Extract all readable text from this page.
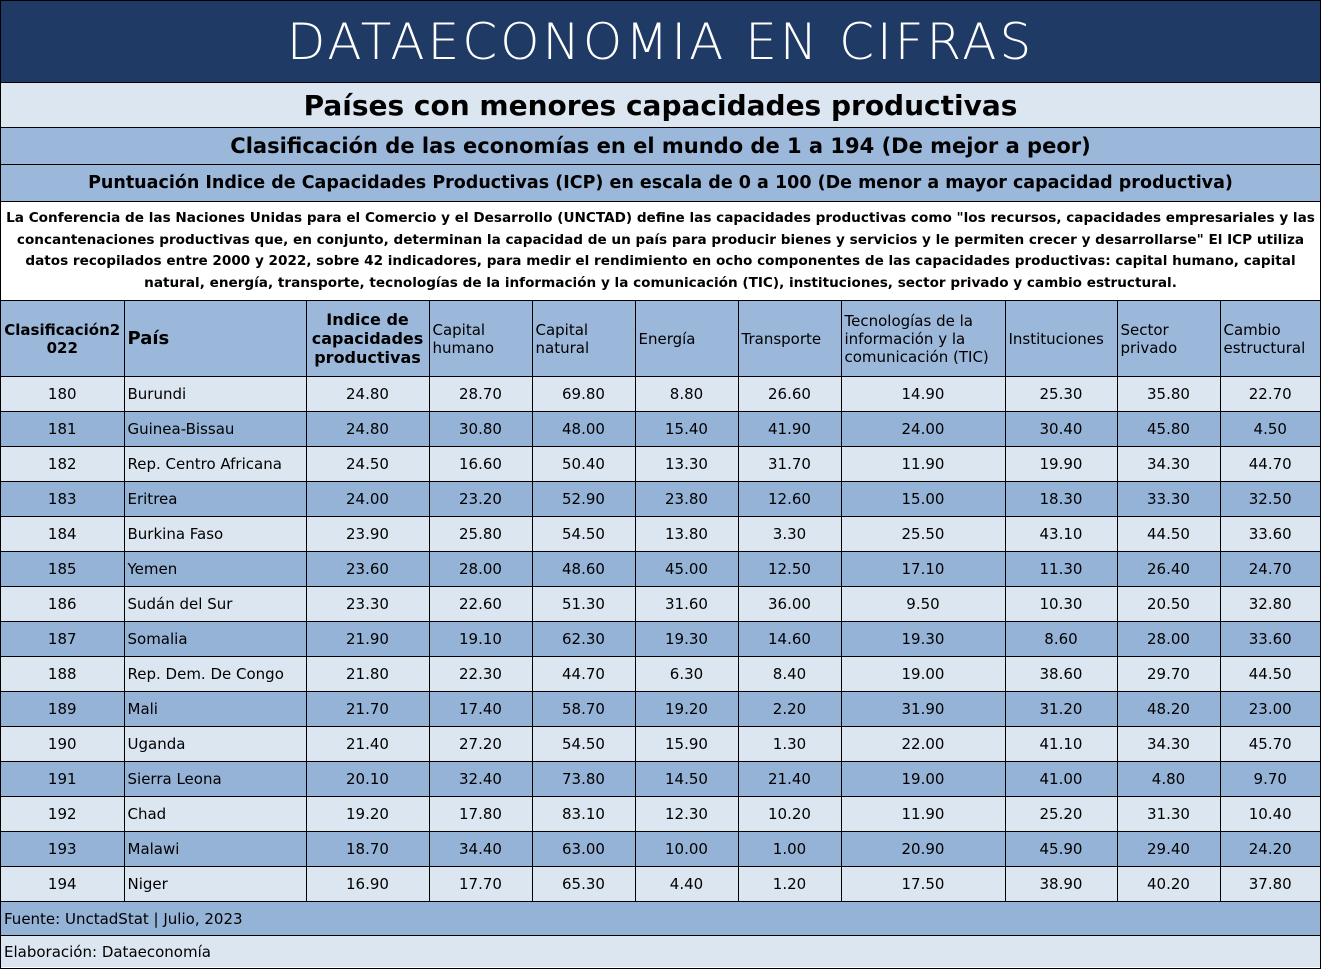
DATAECONOMIA EN CIFRAS
Países con menores capacidades productivas
Clasificación de las economías en el mundo de 1 a 194 (De mejor a peor)
Puntuación Indice de Capacidades Productivas (ICP) en escala de 0 a 100 (De menor a mayor capacidad productiva)
La Conferencia de las Naciones Unidas para el Comercio y el Desarrollo (UNCTAD) define las capacidades productivas como "los recursos, capacidades empresariales y las concantenaciones productivas que, en conjunto, determinan la capacidad de un país para producir bienes y servicios y le permiten crecer y desarrollarse" El ICP utiliza datos recopilados entre 2000 y 2022, sobre 42 indicadores, para medir el rendimiento en ocho componentes de las capacidades productivas: capital humano, capital natural, energía, transporte, tecnologías de la información y la comunicación (TIC), instituciones, sector privado y cambio estructural.
Clasificación2022	País	Indice de capacidades productivas	Capital humano	Capital natural	Energía	Transporte	Tecnologías de la información y la comunicación (TIC)	Instituciones	Sector privado	Cambio estructural
180	Burundi	24.80	28.70	69.80	8.80	26.60	14.90	25.30	35.80	22.70
181	Guinea-Bissau	24.80	30.80	48.00	15.40	41.90	24.00	30.40	45.80	4.50
182	Rep. Centro Africana	24.50	16.60	50.40	13.30	31.70	11.90	19.90	34.30	44.70
183	Eritrea	24.00	23.20	52.90	23.80	12.60	15.00	18.30	33.30	32.50
184	Burkina Faso	23.90	25.80	54.50	13.80	3.30	25.50	43.10	44.50	33.60
185	Yemen	23.60	28.00	48.60	45.00	12.50	17.10	11.30	26.40	24.70
186	Sudán del Sur	23.30	22.60	51.30	31.60	36.00	9.50	10.30	20.50	32.80
187	Somalia	21.90	19.10	62.30	19.30	14.60	19.30	8.60	28.00	33.60
188	Rep. Dem. De Congo	21.80	22.30	44.70	6.30	8.40	19.00	38.60	29.70	44.50
189	Mali	21.70	17.40	58.70	19.20	2.20	31.90	31.20	48.20	23.00
190	Uganda	21.40	27.20	54.50	15.90	1.30	22.00	41.10	34.30	45.70
191	Sierra Leona	20.10	32.40	73.80	14.50	21.40	19.00	41.00	4.80	9.70
192	Chad	19.20	17.80	83.10	12.30	10.20	11.90	25.20	31.30	10.40
193	Malawi	18.70	34.40	63.00	10.00	1.00	20.90	45.90	29.40	24.20
194	Niger	16.90	17.70	65.30	4.40	1.20	17.50	38.90	40.20	37.80
Fuente: UnctadStat | Julio, 2023
Elaboración: Dataeconomía
